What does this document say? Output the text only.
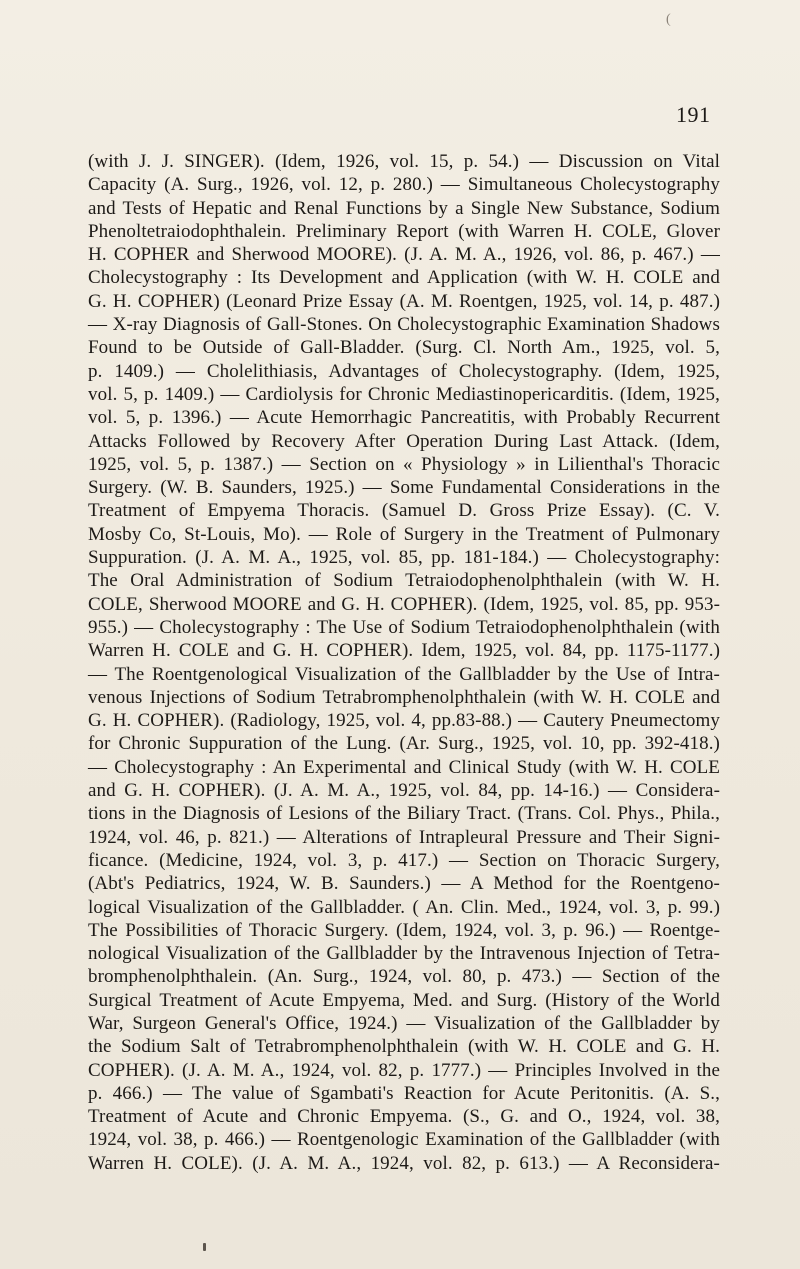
(
191
(with J. J. SINGER). (Idem, 1926, vol. 15, p. 54.) — Discussion on Vital
Capacity (A. Surg., 1926, vol. 12, p. 280.) — Simultaneous Cholecystography
and Tests of Hepatic and Renal Functions by a Single New Substance, Sodium
Phenoltetraiodophthalein. Preliminary Report (with Warren H. COLE, Glover
H. COPHER and Sherwood MOORE). (J. A. M. A., 1926, vol. 86, p. 467.) —
Cholecystography : Its Development and Application (with W. H. COLE and
G. H. COPHER) (Leonard Prize Essay (A. M. Roentgen, 1925, vol. 14, p. 487.)
— X-ray Diagnosis of Gall-Stones. On Cholecystographic Examination Shadows
Found to be Outside of Gall-Bladder. (Surg. Cl. North Am., 1925, vol. 5,
p. 1409.) — Cholelithiasis, Advantages of Cholecystography. (Idem, 1925,
vol. 5, p. 1409.) — Cardiolysis for Chronic Mediastinopericarditis. (Idem, 1925,
vol. 5, p. 1396.) — Acute Hemorrhagic Pancreatitis, with Probably Recurrent
Attacks Followed by Recovery After Operation During Last Attack. (Idem,
1925, vol. 5, p. 1387.) — Section on « Physiology » in Lilienthal's Thoracic
Surgery. (W. B. Saunders, 1925.) — Some Fundamental Considerations in the
Treatment of Empyema Thoracis. (Samuel D. Gross Prize Essay). (C. V.
Mosby Co, St-Louis, Mo). — Role of Surgery in the Treatment of Pulmonary
Suppuration. (J. A. M. A., 1925, vol. 85, pp. 181-184.) — Cholecystography:
The Oral Administration of Sodium Tetraiodophenolphthalein (with W. H.
COLE, Sherwood MOORE and G. H. COPHER). (Idem, 1925, vol. 85, pp. 953-
955.) — Cholecystography : The Use of Sodium Tetraiodophenolphthalein (with
Warren H. COLE and G. H. COPHER). Idem, 1925, vol. 84, pp. 1175-1177.)
— The Roentgenological Visualization of the Gallbladder by the Use of Intra-
venous Injections of Sodium Tetrabromphenolphthalein (with W. H. COLE and
G. H. COPHER). (Radiology, 1925, vol. 4, pp.83-88.) — Cautery Pneumectomy
for Chronic Suppuration of the Lung. (Ar. Surg., 1925, vol. 10, pp. 392-418.)
— Cholecystography : An Experimental and Clinical Study (with W. H. COLE
and G. H. COPHER). (J. A. M. A., 1925, vol. 84, pp. 14-16.) — Considera-
tions in the Diagnosis of Lesions of the Biliary Tract. (Trans. Col. Phys., Phila.,
1924, vol. 46, p. 821.) — Alterations of Intrapleural Pressure and Their Signi-
ficance. (Medicine, 1924, vol. 3, p. 417.) — Section on Thoracic Surgery,
(Abt's Pediatrics, 1924, W. B. Saunders.) — A Method for the Roentgeno-
logical Visualization of the Gallbladder. ( An. Clin. Med., 1924, vol. 3, p. 99.)
The Possibilities of Thoracic Surgery. (Idem, 1924, vol. 3, p. 96.) — Roentge-
nological Visualization of the Gallbladder by the Intravenous Injection of Tetra-
bromphenolphthalein. (An. Surg., 1924, vol. 80, p. 473.) — Section of the
Surgical Treatment of Acute Empyema, Med. and Surg. (History of the World
War, Surgeon General's Office, 1924.) — Visualization of the Gallbladder by
the Sodium Salt of Tetrabromphenolphthalein (with W. H. COLE and G. H.
COPHER). (J. A. M. A., 1924, vol. 82, p. 1777.) — Principles Involved in the
p. 466.) — The value of Sgambati's Reaction for Acute Peritonitis. (A. S.,
Treatment of Acute and Chronic Empyema. (S., G. and O., 1924, vol. 38,
1924, vol. 38, p. 466.) — Roentgenologic Examination of the Gallbladder (with
Warren H. COLE). (J. A. M. A., 1924, vol. 82, p. 613.) — A Reconsidera-
